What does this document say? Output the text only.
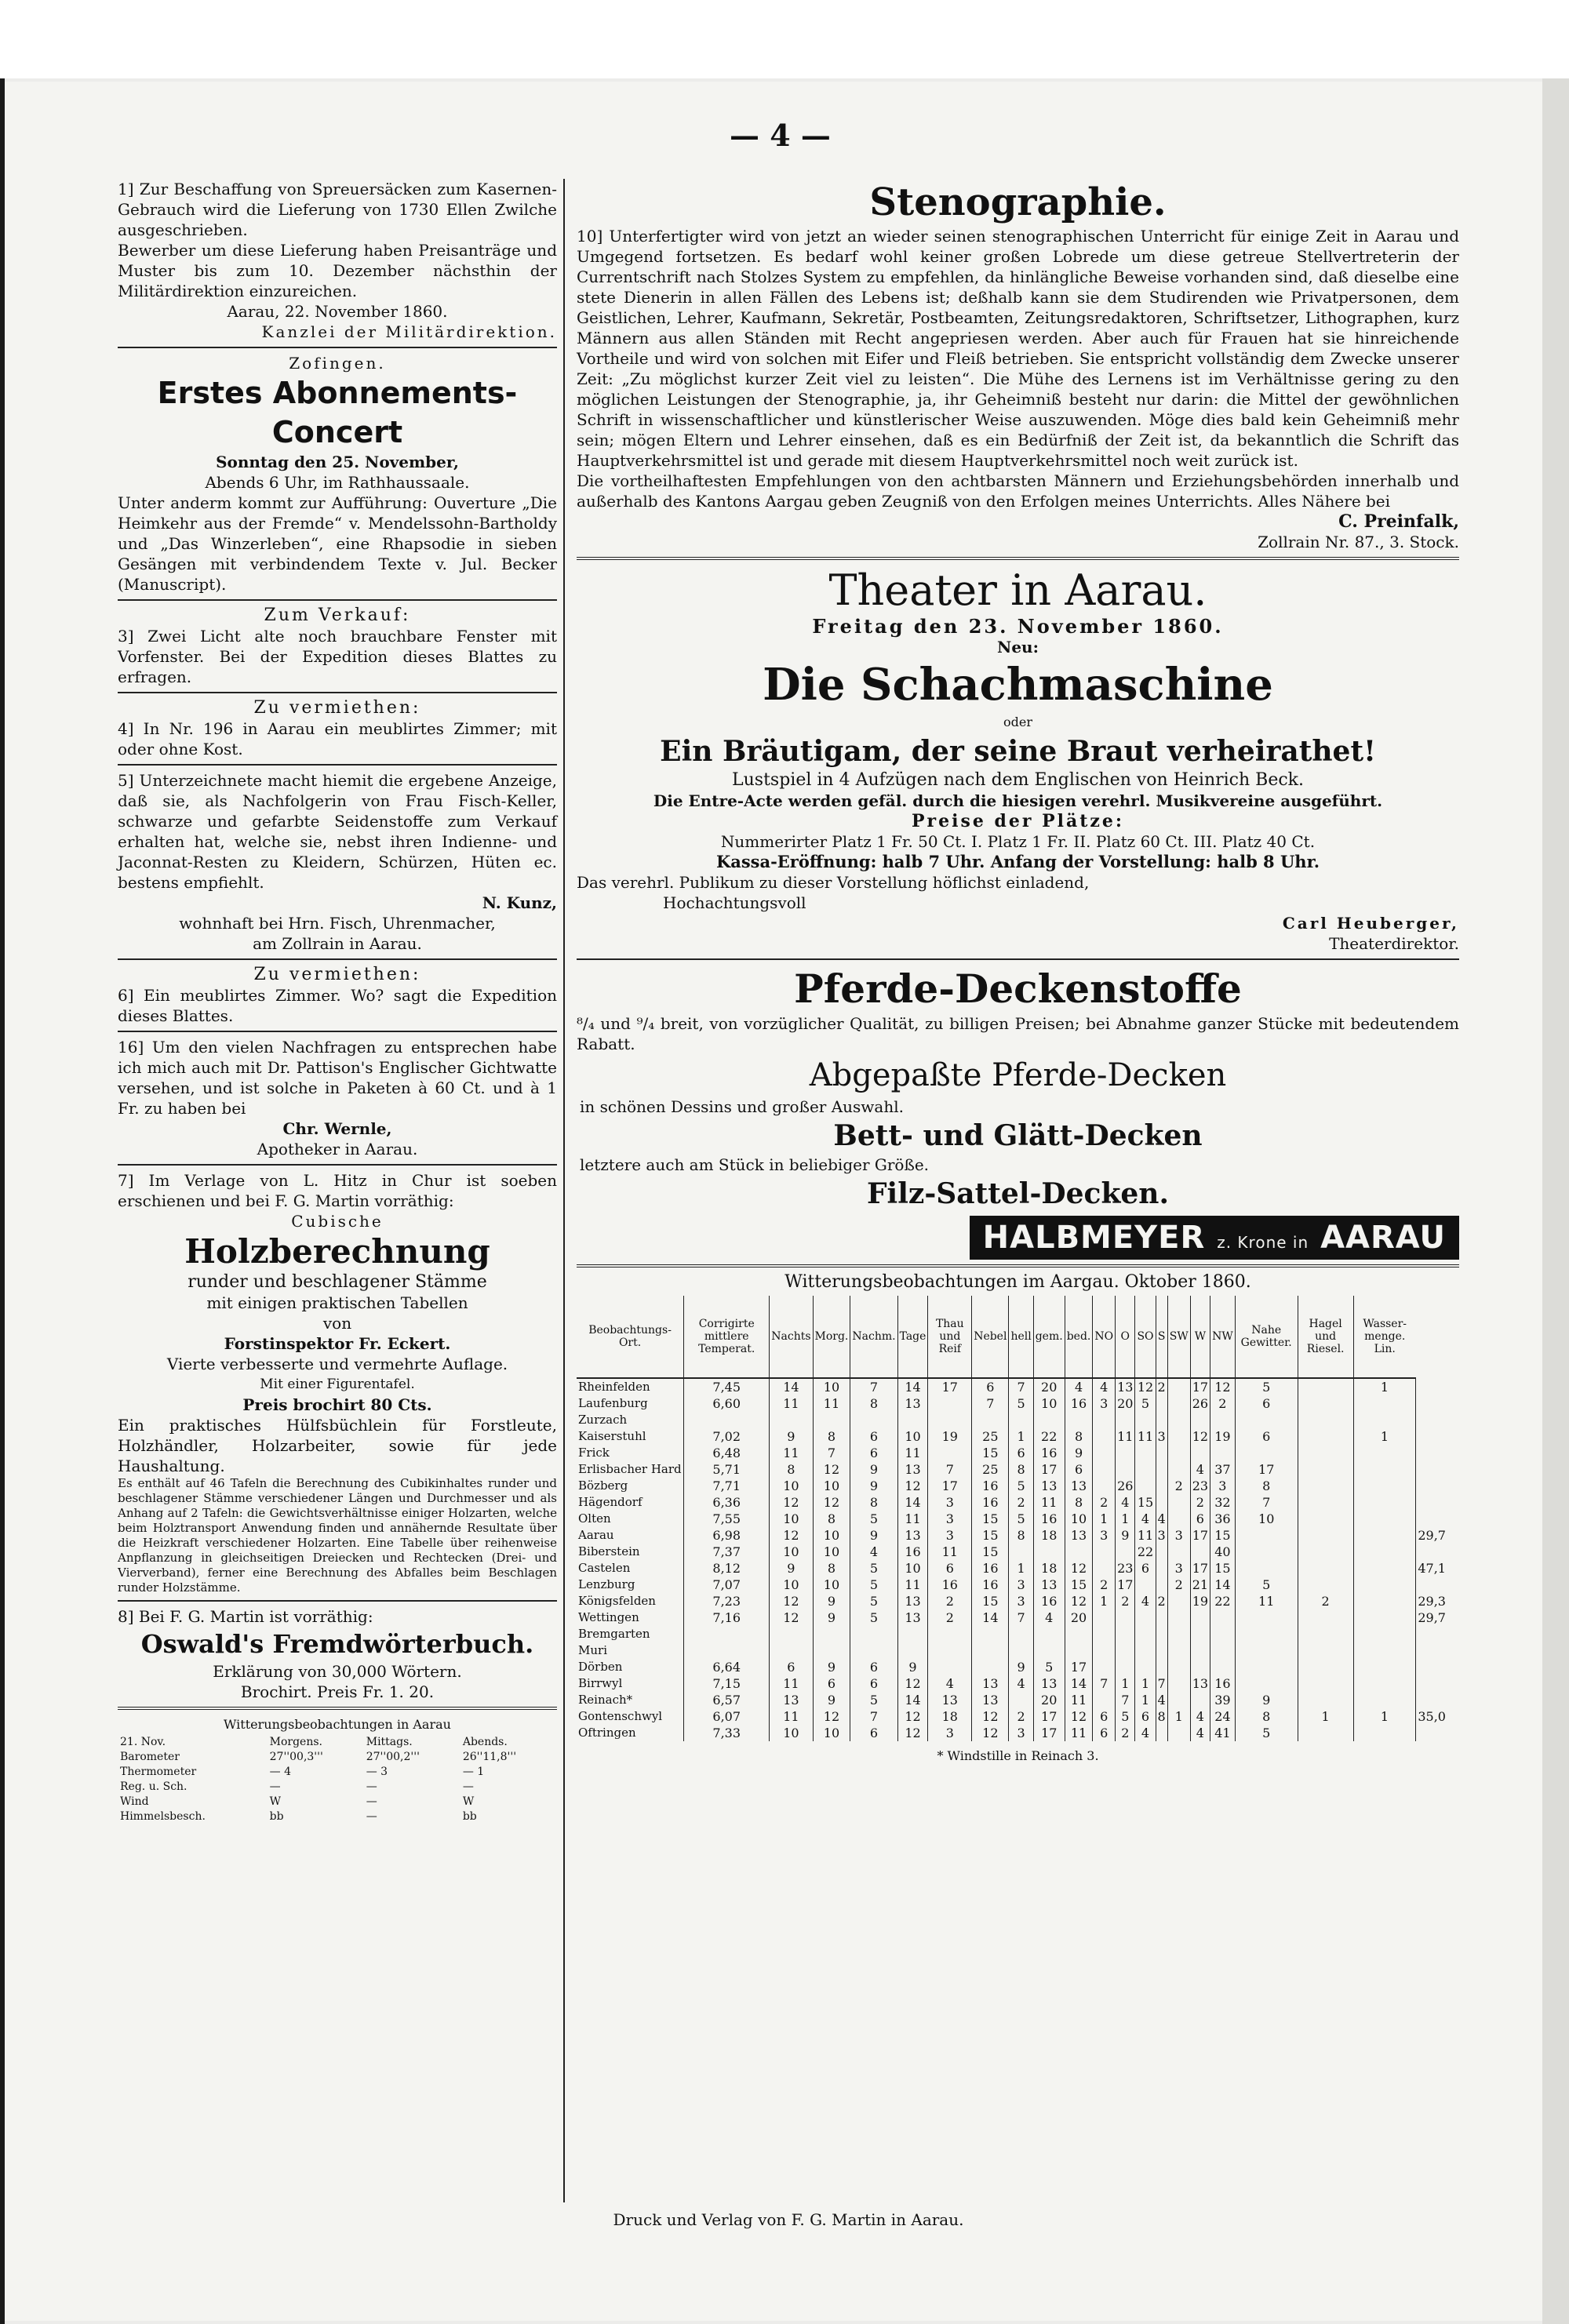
— 4 —

1] Zur Beschaffung von Spreuersäcken zum Kasernen-Gebrauch wird die Lieferung von 1730 Ellen Zwilche ausgeschrieben.

Bewerber um diese Lieferung haben Preisanträge und Muster bis zum 10. Dezember nächsthin der Militärdirektion einzureichen.

Aarau, 22. November 1860.

Kanzlei der Militärdirektion.

Zofingen.

Erstes Abonnements-Concert

Sonntag den 25. November,

Abends 6 Uhr, im Rathhaussaale.

Unter anderm kommt zur Aufführung: Ouverture „Die Heimkehr aus der Fremde“ v. Mendelssohn-Bartholdy und „Das Winzerleben“, eine Rhapsodie in sieben Gesängen mit verbindendem Texte v. Jul. Becker (Manuscript).

Zum Verkauf:

3] Zwei Licht alte noch brauchbare Fenster mit Vorfenster. Bei der Expedition dieses Blattes zu erfragen.

Zu vermiethen:

4] In Nr. 196 in Aarau ein meublirtes Zimmer; mit oder ohne Kost.

5] Unterzeichnete macht hiemit die ergebene Anzeige, daß sie, als Nachfolgerin von Frau Fisch-Keller, schwarze und gefarbte Seidenstoffe zum Verkauf erhalten hat, welche sie, nebst ihren Indienne- und Jaconnat-Resten zu Kleidern, Schürzen, Hüten ec. bestens empfiehlt.

N. Kunz,

wohnhaft bei Hrn. Fisch, Uhrenmacher,

am Zollrain in Aarau.

Zu vermiethen:

6] Ein meublirtes Zimmer. Wo? sagt die Expedition dieses Blattes.

16] Um den vielen Nachfragen zu entsprechen habe ich mich auch mit Dr. Pattison's Englischer Gichtwatte versehen, und ist solche in Paketen à 60 Ct. und à 1 Fr. zu haben bei

Chr. Wernle,

Apotheker in Aarau.

7] Im Verlage von L. Hitz in Chur ist soeben erschienen und bei F. G. Martin vorräthig:

Cubische

Holzberechnung

runder und beschlagener Stämme

mit einigen praktischen Tabellen

von

Forstinspektor Fr. Eckert.

Vierte verbesserte und vermehrte Auflage.

Mit einer Figurentafel.

Preis brochirt 80 Cts.

Ein praktisches Hülfsbüchlein für Forstleute, Holzhändler, Holzarbeiter, sowie für jede Haushaltung.

Es enthält auf 46 Tafeln die Berechnung des Cubikinhaltes runder und beschlagener Stämme verschiedener Längen und Durchmesser und als Anhang auf 2 Tafeln: die Gewichtsverhältnisse einiger Holzarten, welche beim Holztransport Anwendung finden und annähernde Resultate über die Heizkraft verschiedener Holzarten. Eine Tabelle über reihenweise Anpflanzung in gleichseitigen Dreiecken und Rechtecken (Drei- und Vierverband), ferner eine Berechnung des Abfalles beim Beschlagen runder Holzstämme.

8] Bei F. G. Martin ist vorräthig:

Oswald's Fremdwörterbuch.

Erklärung von 30,000 Wörtern.

Brochirt. Preis Fr. 1. 20.

Witterungsbeobachtungen in Aarau

21. Nov.	Morgens.	Mittags.	Abends.
Barometer	27''00,3'''	27''00,2'''	26''11,8'''
Thermometer	— 4	— 3	— 1
Reg. u. Sch.	—	—	—
Wind	W	—	W
Himmelsbesch.	bb	—	bb

Stenographie.

10] Unterfertigter wird von jetzt an wieder seinen stenographischen Unterricht für einige Zeit in Aarau und Umgegend fortsetzen. Es bedarf wohl keiner großen Lobrede um diese getreue Stellvertreterin der Currentschrift nach Stolzes System zu empfehlen, da hinlängliche Beweise vorhanden sind, daß dieselbe eine stete Dienerin in allen Fällen des Lebens ist; deßhalb kann sie dem Studirenden wie Privatpersonen, dem Geistlichen, Lehrer, Kaufmann, Sekretär, Postbeamten, Zeitungsredaktoren, Schriftsetzer, Lithographen, kurz Männern aus allen Ständen mit Recht angepriesen werden. Aber auch für Frauen hat sie hinreichende Vortheile und wird von solchen mit Eifer und Fleiß betrieben. Sie entspricht vollständig dem Zwecke unserer Zeit: „Zu möglichst kurzer Zeit viel zu leisten“. Die Mühe des Lernens ist im Verhältnisse gering zu den möglichen Leistungen der Stenographie, ja, ihr Geheimniß besteht nur darin: die Mittel der gewöhnlichen Schrift in wissenschaftlicher und künstlerischer Weise auszuwenden. Möge dies bald kein Geheimniß mehr sein; mögen Eltern und Lehrer einsehen, daß es ein Bedürfniß der Zeit ist, da bekanntlich die Schrift das Hauptverkehrsmittel ist und gerade mit diesem Hauptverkehrsmittel noch weit zurück ist.

Die vortheilhaftesten Empfehlungen von den achtbarsten Männern und Erziehungsbehörden innerhalb und außerhalb des Kantons Aargau geben Zeugniß von den Erfolgen meines Unterrichts. Alles Nähere bei

C. Preinfalk,

Zollrain Nr. 87., 3. Stock.

Theater in Aarau.

Freitag den 23. November 1860.

Neu:

Die Schachmaschine

oder

Ein Bräutigam, der seine Braut verheirathet!

Lustspiel in 4 Aufzügen nach dem Englischen von Heinrich Beck.

Die Entre-Acte werden gefäl. durch die hiesigen verehrl. Musikvereine ausgeführt.

Preise der Plätze:

Nummerirter Platz 1 Fr. 50 Ct. I. Platz 1 Fr. II. Platz 60 Ct. III. Platz 40 Ct.

Kassa-Eröffnung: halb 7 Uhr. Anfang der Vorstellung: halb 8 Uhr.

Das verehrl. Publikum zu dieser Vorstellung höflichst einladend,

Hochachtungsvoll

Carl Heuberger,

Theaterdirektor.

Pferde-Deckenstoffe

⁸/₄ und ⁹/₄ breit, von vorzüglicher Qualität, zu billigen Preisen; bei Abnahme ganzer Stücke mit bedeutendem Rabatt.

Abgepaßte Pferde-Decken

in schönen Dessins und großer Auswahl.

Bett- und Glätt-Decken

letztere auch am Stück in beliebiger Größe.

Filz-Sattel-Decken.

HALBMEYER z. Krone in AARAU

Witterungsbeobachtungen im Aargau. Oktober 1860.

Beobachtungs-Ort.	Corrigirte mittlere Temperat.	Nachts	Morg.	Nachm.	Tage	Thau und Reif	Nebel	hell	gem.	bed.	NO	O	SO	S	SW	W	NW	Nahe Gewitter.	Hagel und Riesel.	Wasser-menge. Lin.	
Rheinfelden	7,45	14	10	7	14	17	6	7	20	4	4	13	12	2		17	12	5		1	
Laufenburg	6,60	11	11	8	13		7	5	10	16	3	20	5			26	2	6			
Zurzach																					
Kaiserstuhl	7,02	9	8	6	10	19	25	1	22	8		11	11	3		12	19	6		1	
Frick	6,48	11	7	6	11		15	6	16	9											
Erlisbacher Hard	5,71	8	12	9	13	7	25	8	17	6						4	37	17			
Bözberg	7,71	10	10	9	12	17	16	5	13	13		26			2	23	3	8			
Hägendorf	6,36	12	12	8	14	3	16	2	11	8	2	4	15			2	32	7			
Olten	7,55	10	8	5	11	3	15	5	16	10	1	1	4	4		6	36	10			
Aarau	6,98	12	10	9	13	3	15	8	18	13	3	9	11	3	3	17	15				29,7
Biberstein	7,37	10	10	4	16	11	15						22				40				
Castelen	8,12	9	8	5	10	6	16	1	18	12		23	6		3	17	15				47,1
Lenzburg	7,07	10	10	5	11	16	16	3	13	15	2	17			2	21	14	5			
Königsfelden	7,23	12	9	5	13	2	15	3	16	12	1	2	4	2		19	22	11	2		29,3
Wettingen	7,16	12	9	5	13	2	14	7	4	20											29,7
Bremgarten																					
Muri																					
Dörben	6,64	6	9	6	9			9	5	17											
Birrwyl	7,15	11	6	6	12	4	13	4	13	14	7	1	1	7		13	16				
Reinach*	6,57	13	9	5	14	13	13		20	11		7	1	4			39	9			
Gontenschwyl	6,07	11	12	7	12	18	12	2	17	12	6	5	6	8	1	4	24	8	1	1	35,0
Oftringen	7,33	10	10	6	12	3	12	3	17	11	6	2	4			4	41	5			

* Windstille in Reinach 3.

Druck und Verlag von F. G. Martin in Aarau.
